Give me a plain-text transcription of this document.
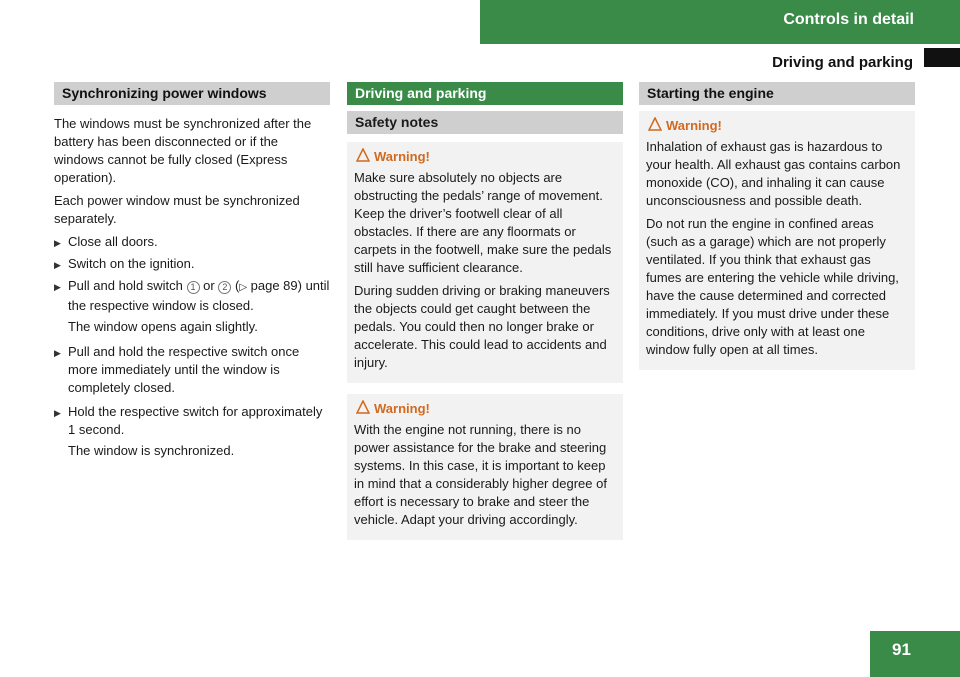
Controls in detail
Driving and parking
Synchronizing power windows

The windows must be synchronized after the battery has been disconnected or if the windows cannot be fully closed (Express operation).

Each power window must be synchronized separately.

▶ Close all doors.
▶ Switch on the ignition.
▶ Pull and hold switch 1 or 2 (▷ page 89) until the respective window is closed.
The window opens again slightly.
▶ Pull and hold the respective switch once more immediately until the window is completely closed.
▶ Hold the respective switch for approximately 1 second.
The window is synchronized.
Driving and parking
Safety notes
Warning!

Make sure absolutely no objects are obstructing the pedals’ range of movement. Keep the driver’s footwell clear of all obstacles. If there are any floormats or carpets in the footwell, make sure the pedals still have sufficient clearance.

During sudden driving or braking maneuvers the objects could get caught between the pedals. You could then no longer brake or accelerate. This could lead to accidents and injury.

Warning!

With the engine not running, there is no power assistance for the brake and steering systems. In this case, it is important to keep in mind that a considerably higher degree of effort is necessary to brake and steer the vehicle. Adapt your driving accordingly.

Starting the engine
Warning!

Inhalation of exhaust gas is hazardous to your health. All exhaust gas contains carbon monoxide (CO), and inhaling it can cause unconsciousness and possible death.

Do not run the engine in confined areas (such as a garage) which are not properly ventilated. If you think that exhaust gas fumes are entering the vehicle while driving, have the cause determined and corrected immediately. If you must drive under these conditions, drive only with at least one window fully open at all times.

91
